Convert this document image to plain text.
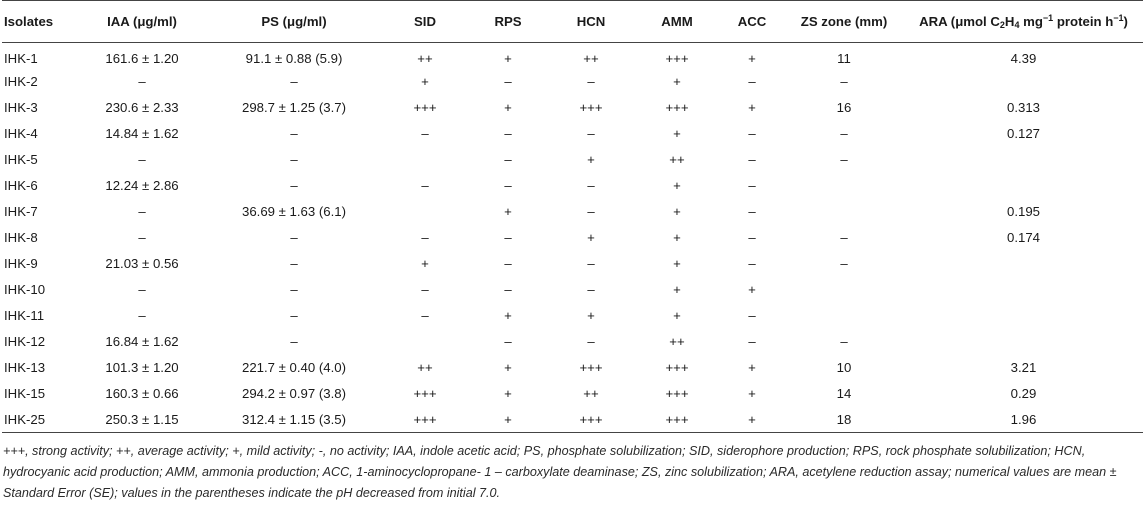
Isolates	IAA (μg/ml)	PS (μg/ml)	SID	RPS	HCN	AMM	ACC	ZS zone (mm)	ARA (μmol $C_2H_4$ $mg^{-1}$ protein $h^{-1}$)
IHK-1	161.6 ± 1.20	91.1 ± 0.88 (5.9)	++	+	++	+++	+	11	4.39
IHK-2	–	–	+	–	–	+	–	–	
IHK-3	230.6 ± 2.33	298.7 ± 1.25 (3.7)	+++	+	+++	+++	+	16	0.313
IHK-4	14.84 ± 1.62	–	–	–	–	+	–	–	0.127
IHK-5	–	–		–	+	++	–	–	
IHK-6	12.24 ± 2.86	–	–	–	–	+	–		
IHK-7	–	36.69 ± 1.63 (6.1)		+	–	+	–		0.195
IHK-8	–	–	–	–	+	+	–	–	0.174
IHK-9	21.03 ± 0.56	–	+	–	–	+	–	–	
IHK-10	–	–	–	–	–	+	+		
IHK-11	–	–	–	+	+	+	–		
IHK-12	16.84 ± 1.62	–		–	–	++	–	–	
IHK-13	101.3 ± 1.20	221.7 ± 0.40 (4.0)	++	+	+++	+++	+	10	3.21
IHK-15	160.3 ± 0.66	294.2 ± 0.97 (3.8)	+++	+	++	+++	+	14	0.29
IHK-25	250.3 ± 1.15	312.4 ± 1.15 (3.5)	+++	+	+++	+++	+	18	1.96
+++, strong activity; ++, average activity; +, mild activity; -, no activity; IAA, indole acetic acid; PS, phosphate solubilization; SID, siderophore production; RPS, rock phosphate solubilization; HCN, hydrocyanic acid production; AMM, ammonia production; ACC, 1-aminocyclopropane- 1 – carboxylate deaminase; ZS, zinc solubilization; ARA, acetylene reduction assay; numerical values are mean ± Standard Error (SE); values in the parentheses indicate the pH decreased from initial 7.0.
